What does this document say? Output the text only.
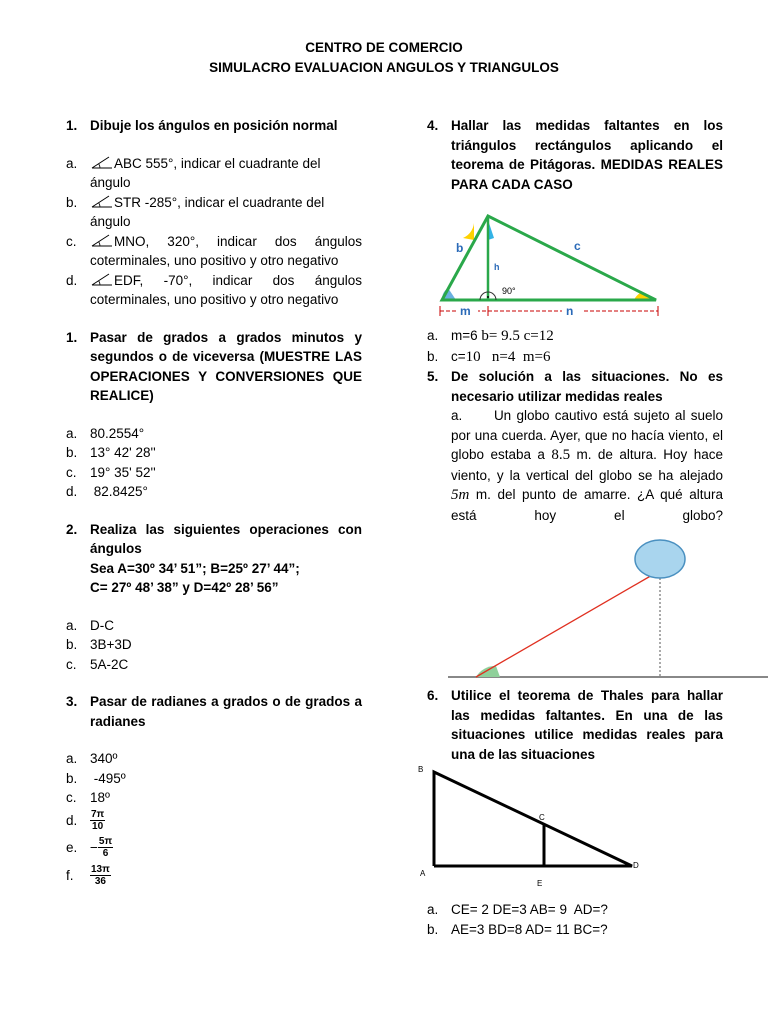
CENTRO DE COMERCIO
SIMULACRO EVALUACION ANGULOS Y TRIANGULOS
1. Dibuje los ángulos en posición normal
a.	ABC 555°, indicar el cuadrante del ángulo
b.	STR -285°, indicar el cuadrante del ángulo
c.	MNO, 320°, indicar dos ángulos coterminales, uno positivo y otro negativo
d.	EDF, -70°, indicar dos ángulos coterminales, uno positivo y otro negativo
1. Pasar de grados a grados minutos y segundos o de viceversa (MUESTRE LAS OPERACIONES Y CONVERSIONES QUE REALICE)
a. 80.2554°
b. 13° 42' 28''
c. 19° 35' 52''
d. 82.8425°
2. Realiza las siguientes operaciones con ángulos
Sea A=30º 34’ 51”; B=25º 27’ 44”;
C= 27º 48’ 38” y D=42º 28’ 56”
a. D-C
b. 3B+3D
c. 5A-2C
3. Pasar de radianes a grados o de grados a radianes
a. 340º
b. -495º
c. 18º
d. $\frac{7\pi}{10}$
e. − $\frac{5\pi}{6}$
f. $\frac{13\pi}{36}$
4. Hallar las medidas faltantes en los triángulos rectángulos aplicando el teorema de Pitágoras. MEDIDAS REALES PARA CADA CASO
b	c
h
90°
m	n
a. m=6 b= 9.5 c=12
b. c=10   n=4  m=6
5. De solución a las situaciones. No es necesario utilizar medidas reales
a. Un globo cautivo está sujeto al suelo por una cuerda. Ayer, que no hacía viento, el globo estaba a 8.5 m. de altura. Hoy hace viento, y la vertical del globo se ha alejado 5m m. del punto de amarre. ¿A qué altura está hoy el globo?
6. Utilice el teorema de Thales para hallar las medidas faltantes. En una de las situaciones utilice medidas reales para una de las situaciones
B
A
C
D
E
a. CE= 2 DE=3 AB= 9  AD=?
b. AE=3 BD=8 AD= 11 BC=?
